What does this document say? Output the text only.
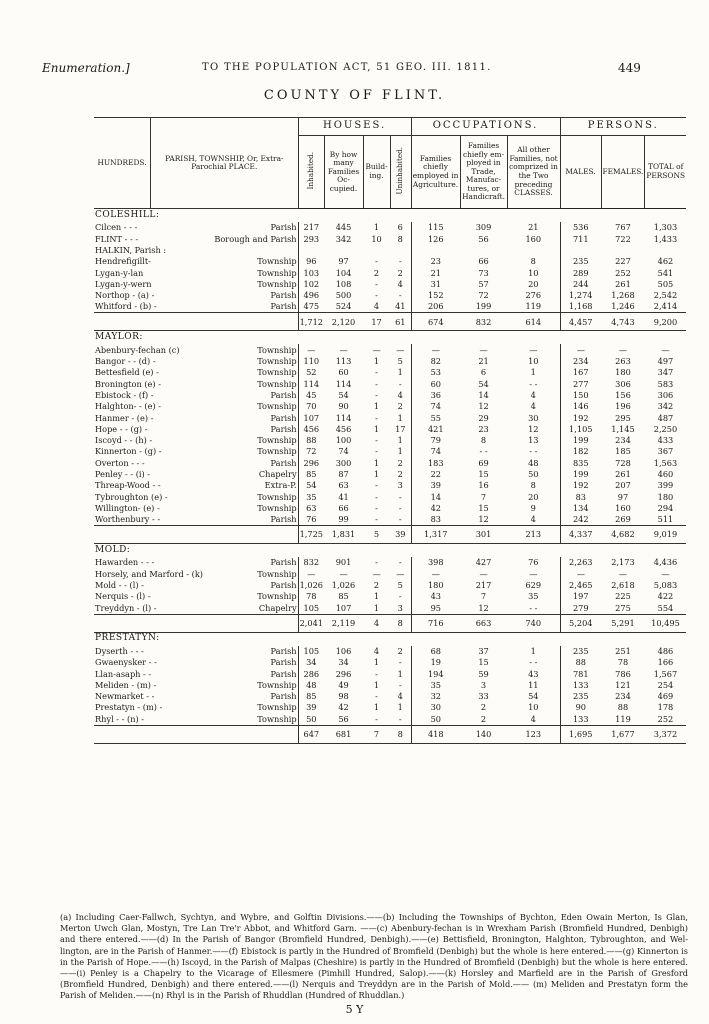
Enumeration.]	TO THE POPULATION ACT, 51 GEO. III. 1811.	449
COUNTY OF FLINT.
HUNDREDS.	PARISH, TOWNSHIP, Or, Extra-Parochial PLACE.		HOUSES.				OCCUPATIONS.			PERSONS.		
			Inhabited.	By how many Families Oc-cupied.	Build-ing.	Uninhabited.	Families chiefly employed in Agriculture.	Families chiefly em-ployed in Trade, Manufac-tures, or Handicraft.	All other Families, not comprized in the Two preceding CLASSES.	MALES.	FEMALES.	TOTAL of PERSONS
COLESHILL:												
Cilcen - - -		Parish	217	445	1	6	115	309	21	536	767	1,303
FLINT - - -		Borough and Parish	293	342	10	8	126	56	160	711	722	1,433
HALKIN, Parish :												
Hendrefigillt-		Township	96	97	-	-	23	66	8	235	227	462
Lygan-y-lan		Township	103	104	2	2	21	73	10	289	252	541
Lygan-y-wern		Township	102	108	-	4	31	57	20	244	261	505
Northop - (a) -		Parish	496	500	-	-	152	72	276	1,274	1,268	2,542
Whitford - (b) -		Parish	475	524	4	41	206	199	119	1,168	1,246	2,414
			1,712	2,120	17	61	674	832	614	4,457	4,743	9,200
MAYLOR:												
Abenbury-fechan (c)		Township	—	—	—	—	—	—	—	—	—	—
Bangor - - (d) -		Township	110	113	1	5	82	21	10	234	263	497
Bettesfield (e) -		Township	52	60	-	1	53	6	1	167	180	347
Bronington (e) -		Township	114	114	-	-	60	54	- -	277	306	583
Ebistock - (f) -		Parish	45	54	-	4	36	14	4	150	156	306
Halghton- - (e) -		Township	70	90	1	2	74	12	4	146	196	342
Hanmer - (e) -		Parish	107	114	-	1	55	29	30	192	295	487
Hope - - (g) -		Parish	456	456	1	17	421	23	12	1,105	1,145	2,250
Iscoyd - - (h) -		Township	88	100	-	1	79	8	13	199	234	433
Kinnerton - (g) -		Township	72	74	-	1	74	- -	- -	182	185	367
Overton - - -		Parish	296	300	1	2	183	69	48	835	728	1,563
Penley - - (i) -		Chapelry	85	87	1	2	22	15	50	199	261	460
Threap-Wood - -		Extra-P.	54	63	-	3	39	16	8	192	207	399
Tybroughton (e) -		Township	35	41	-	-	14	7	20	83	97	180
Willington- (e) -		Township	63	66	-	-	42	15	9	134	160	294
Worthenbury - -		Parish	76	99	-	-	83	12	4	242	269	511
			1,725	1,831	5	39	1,317	301	213	4,337	4,682	9,019
MOLD:												
Hawarden - - -		Parish	832	901	-	-	398	427	76	2,263	2,173	4,436
Horsely, and Marford - (k)		Township	—	—	—	—	—	—	—	—	—	—
Mold - - (l) -		Parish	1,026	1,026	2	5	180	217	629	2,465	2,618	5,083
Nerquis - (l) -		Township	78	85	1	-	43	7	35	197	225	422
Treyddyn - (l) -		Chapelry	105	107	1	3	95	12	- -	279	275	554
			2,041	2,119	4	8	716	663	740	5,204	5,291	10,495
PRESTATYN:												
Dyserth - - -		Parish	105	106	4	2	68	37	1	235	251	486
Gwaenysker - -		Parish	34	34	1	-	19	15	- -	88	78	166
Llan-asaph - -		Parish	286	296	-	1	194	59	43	781	786	1,567
Meliden - (m) -		Township	48	49	1	-	35	3	11	133	121	254
Newmarket - -		Parish	85	98	-	4	32	33	54	235	234	469
Prestatyn - (m) -		Township	39	42	1	1	30	2	10	90	88	178
Rhyl - - (n) -		Township	50	56	-	-	50	2	4	133	119	252
			647	681	7	8	418	140	123	1,695	1,677	3,372
(a) Including Caer-Fallwch, Sychtyn, and Wybre, and Golftin Divisions.——(b) Including the Townships of Bychton, Eden Owain Merton, Is Glan, Merton Uwch Glan, Mostyn, Tre Lan Tre'r Abbot, and Whitford Garn. ——(c) Abenbury-fechan is in Wrexham Parish (Bromfield Hundred, Denbigh) and there entered.——(d) In the Parish of Bangor (Bromfield Hundred, Denbigh).——(e) Bettisfield, Bronington, Halghton, Tybroughton, and Wel-lington, are in the Parish of Hanmer.——(f) Ebistock is partly in the Hundred of Bromfield (Denbigh) but the whole is here entered.——(g) Kinnerton is in the Parish of Hope.——(h) Iscoyd, in the Parish of Malpas (Cheshire) is partly in the Hundred of Bromfield (Denbigh) but the whole is here entered.——(i) Penley is a Chapelry to the Vicarage of Ellesmere (Pimhill Hundred, Salop).——(k) Horsley and Marfield are in the Parish of Gresford (Bromfield Hundred, Denbigh) and there entered.——(l) Nerquis and Treyddyn are in the Parish of Mold.—— (m) Meliden and Prestatyn form the Parish of Meliden.——(n) Rhyl is in the Parish of Rhuddlan (Hundred of Rhuddlan.)
5 Y
